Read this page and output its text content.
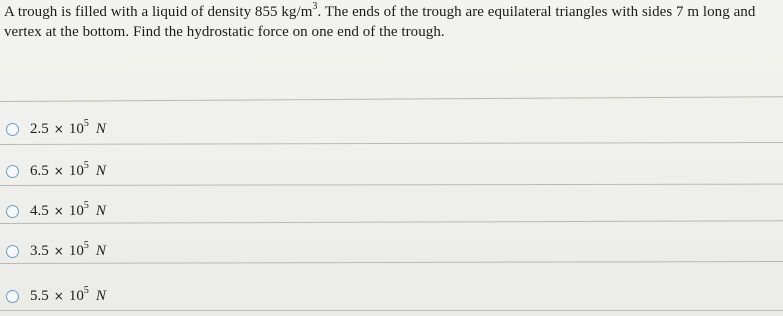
A trough is filled with a liquid of density 855 $kg/m^3$. The ends of the trough are equilateral triangles with sides 7 m long and
vertex at the bottom. Find the hydrostatic force on one end of the trough.
$2.5 \times 10^5$ N
$6.5 \times 10^5$ N
$4.5 \times 10^5$ N
$3.5 \times 10^5$ N
$5.5 \times 10^5$ N
